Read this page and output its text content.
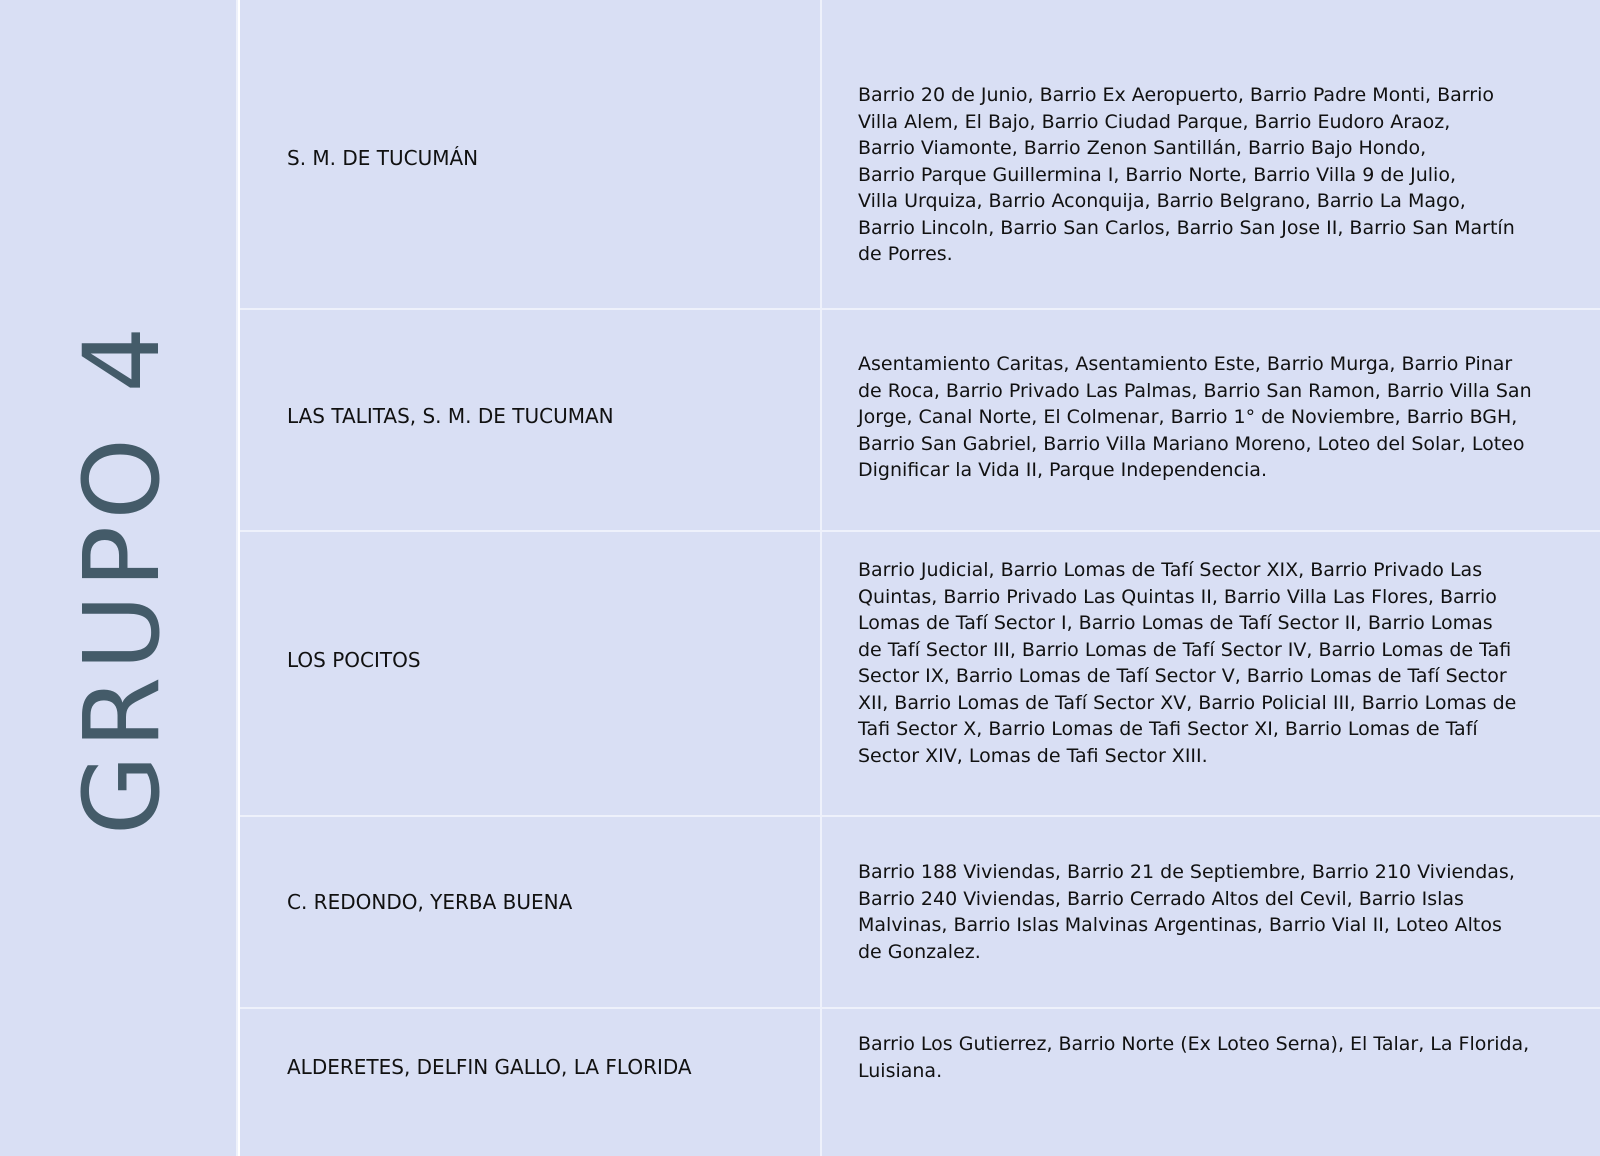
GRUPO 4
S. M. DE TUCUMÁN
Barrio 20 de Junio, Barrio Ex Aeropuerto, Barrio Padre Monti, Barrio
Villa Alem, El Bajo, Barrio Ciudad Parque, Barrio Eudoro Araoz,
Barrio Viamonte, Barrio Zenon Santillán, Barrio Bajo Hondo,
Barrio Parque Guillermina I, Barrio Norte, Barrio Villa 9 de Julio,
Villa Urquiza, Barrio Aconquija, Barrio Belgrano, Barrio La Mago,
Barrio Lincoln, Barrio San Carlos, Barrio San Jose II, Barrio San Martín
de Porres.
LAS TALITAS, S. M. DE TUCUMAN
Asentamiento Caritas, Asentamiento Este, Barrio Murga, Barrio Pinar
de Roca, Barrio Privado Las Palmas, Barrio San Ramon, Barrio Villa San
Jorge, Canal Norte, El Colmenar, Barrio 1° de Noviembre, Barrio BGH,
Barrio San Gabriel, Barrio Villa Mariano Moreno, Loteo del Solar, Loteo
Dignificar la Vida II, Parque Independencia.
LOS POCITOS
Barrio Judicial, Barrio Lomas de Tafí Sector XIX, Barrio Privado Las
Quintas, Barrio Privado Las Quintas II, Barrio Villa Las Flores, Barrio
Lomas de Tafí Sector I, Barrio Lomas de Tafí Sector II, Barrio Lomas
de Tafí Sector III, Barrio Lomas de Tafí Sector IV, Barrio Lomas de Tafi
Sector IX, Barrio Lomas de Tafí Sector V, Barrio Lomas de Tafí Sector
XII, Barrio Lomas de Tafí Sector XV, Barrio Policial III, Barrio Lomas de
Tafi Sector X, Barrio Lomas de Tafi Sector XI, Barrio Lomas de Tafí
Sector XIV, Lomas de Tafi Sector XIII.
C. REDONDO, YERBA BUENA
Barrio 188 Viviendas, Barrio 21 de Septiembre, Barrio 210 Viviendas,
Barrio 240 Viviendas, Barrio Cerrado Altos del Cevil, Barrio Islas
Malvinas, Barrio Islas Malvinas Argentinas, Barrio Vial II, Loteo Altos
de Gonzalez.
ALDERETES, DELFIN GALLO, LA FLORIDA
Barrio Los Gutierrez, Barrio Norte (Ex Loteo Serna), El Talar, La Florida,
Luisiana.
